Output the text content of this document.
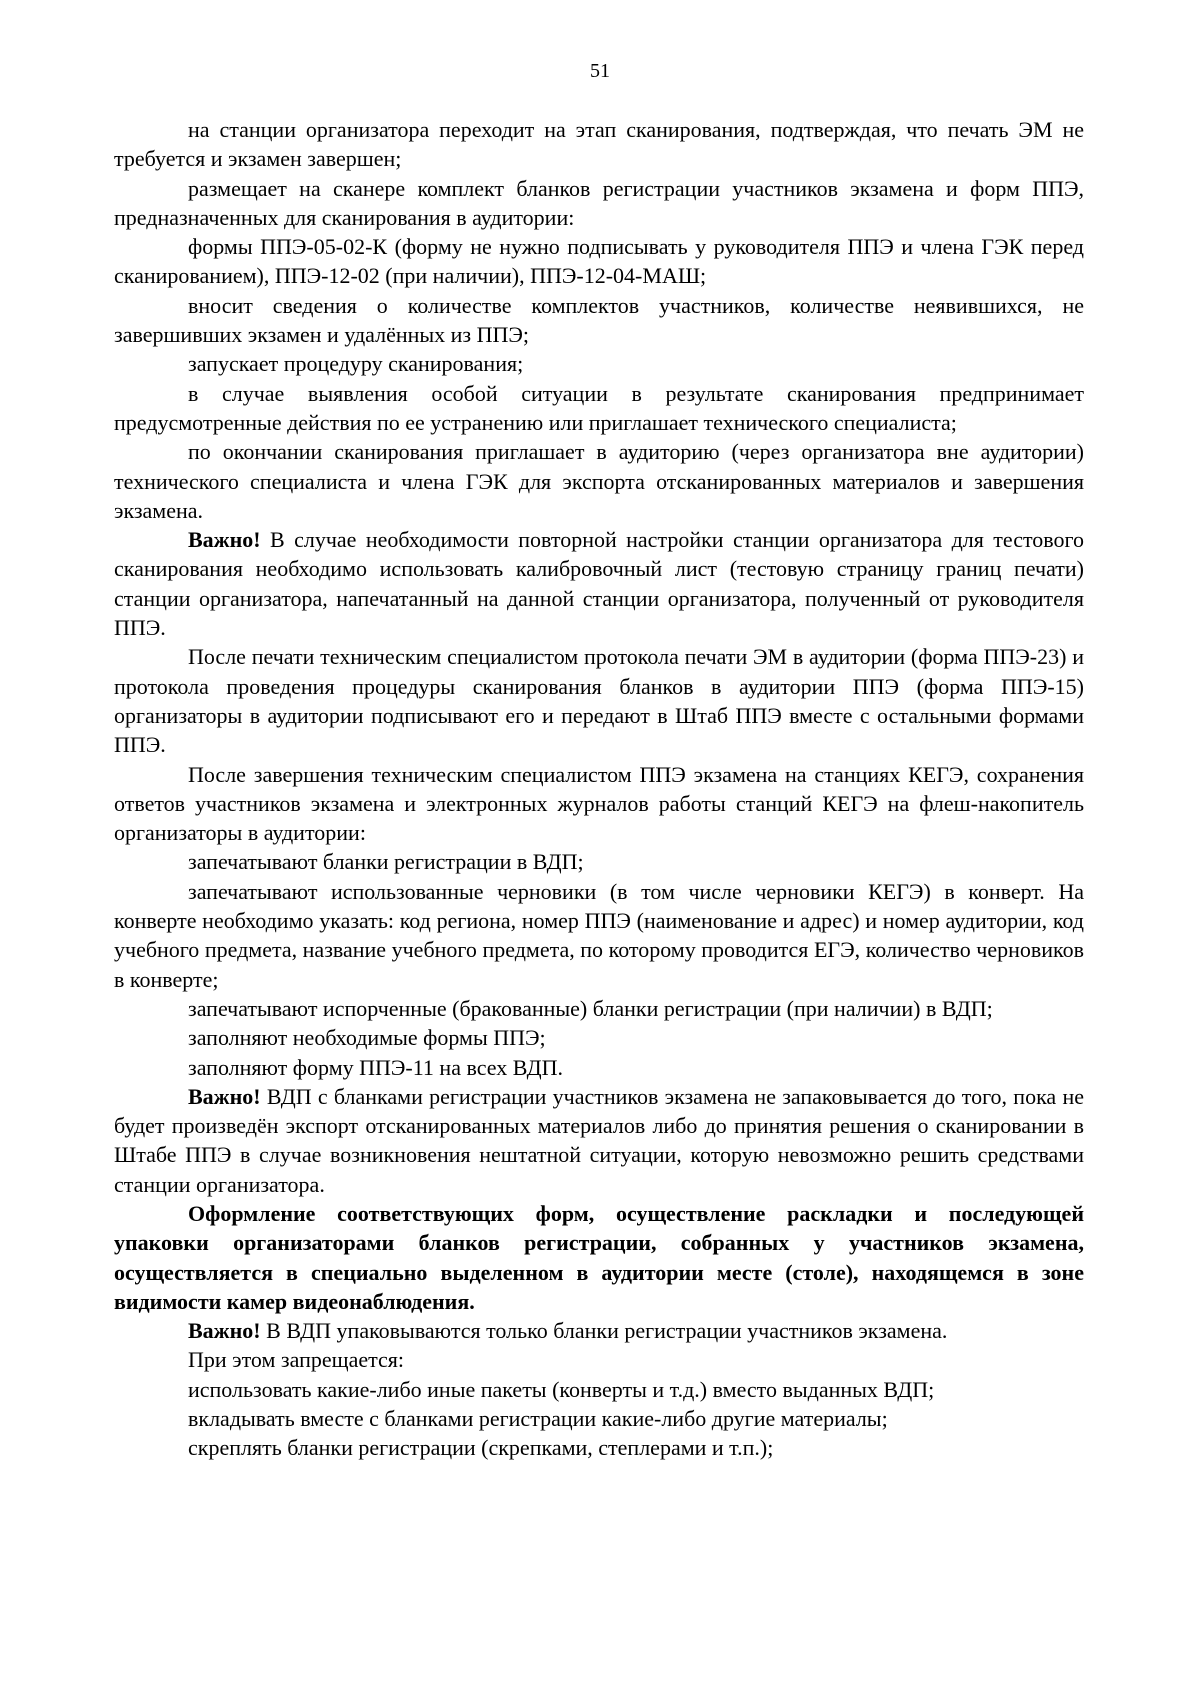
51

на станции организатора переходит на этап сканирования, подтверждая, что печать ЭМ не требуется и экзамен завершен;

размещает на сканере комплект бланков регистрации участников экзамена и форм ППЭ, предназначенных для сканирования в аудитории:

формы ППЭ-05-02-К (форму не нужно подписывать у руководителя ППЭ и члена ГЭК перед сканированием), ППЭ-12-02 (при наличии), ППЭ-12-04-МАШ;

вносит сведения о количестве комплектов участников, количестве неявившихся, не завершивших экзамен и удалённых из ППЭ;

запускает процедуру сканирования;

в случае выявления особой ситуации в результате сканирования предпринимает предусмотренные действия по ее устранению или приглашает технического специалиста;

по окончании сканирования приглашает в аудиторию (через организатора вне аудитории) технического специалиста и члена ГЭК для экспорта отсканированных материалов и завершения экзамена.

Важно! В случае необходимости повторной настройки станции организатора для тестового сканирования необходимо использовать калибровочный лист (тестовую страницу границ печати) станции организатора, напечатанный на данной станции организатора, полученный от руководителя ППЭ.

После печати техническим специалистом протокола печати ЭМ в аудитории (форма ППЭ-23) и протокола проведения процедуры сканирования бланков в аудитории ППЭ (форма ППЭ-15) организаторы в аудитории подписывают его и передают в Штаб ППЭ вместе с остальными формами ППЭ.

После завершения техническим специалистом ППЭ экзамена на станциях КЕГЭ, сохранения ответов участников экзамена и электронных журналов работы станций КЕГЭ на флеш-накопитель организаторы в аудитории:

запечатывают бланки регистрации в ВДП;

запечатывают использованные черновики (в том числе черновики КЕГЭ) в конверт. На конверте необходимо указать: код региона, номер ППЭ (наименование и адрес) и номер аудитории, код учебного предмета, название учебного предмета, по которому проводится ЕГЭ, количество черновиков в конверте;

запечатывают испорченные (бракованные) бланки регистрации (при наличии) в ВДП;

заполняют необходимые формы ППЭ;

заполняют форму ППЭ-11 на всех ВДП.

Важно! ВДП с бланками регистрации участников экзамена не запаковывается до того, пока не будет произведён экспорт отсканированных материалов либо до принятия решения о сканировании в Штабе ППЭ в случае возникновения нештатной ситуации, которую невозможно решить средствами станции организатора.

Оформление соответствующих форм, осуществление раскладки и последующей упаковки организаторами бланков регистрации, собранных у участников экзамена, осуществляется в специально выделенном в аудитории месте (столе), находящемся в зоне видимости камер видеонаблюдения.

Важно! В ВДП упаковываются только бланки регистрации участников экзамена.

При этом запрещается:

использовать какие-либо иные пакеты (конверты и т.д.) вместо выданных ВДП;

вкладывать вместе с бланками регистрации какие-либо другие материалы;

скреплять бланки регистрации (скрепками, степлерами и т.п.);
